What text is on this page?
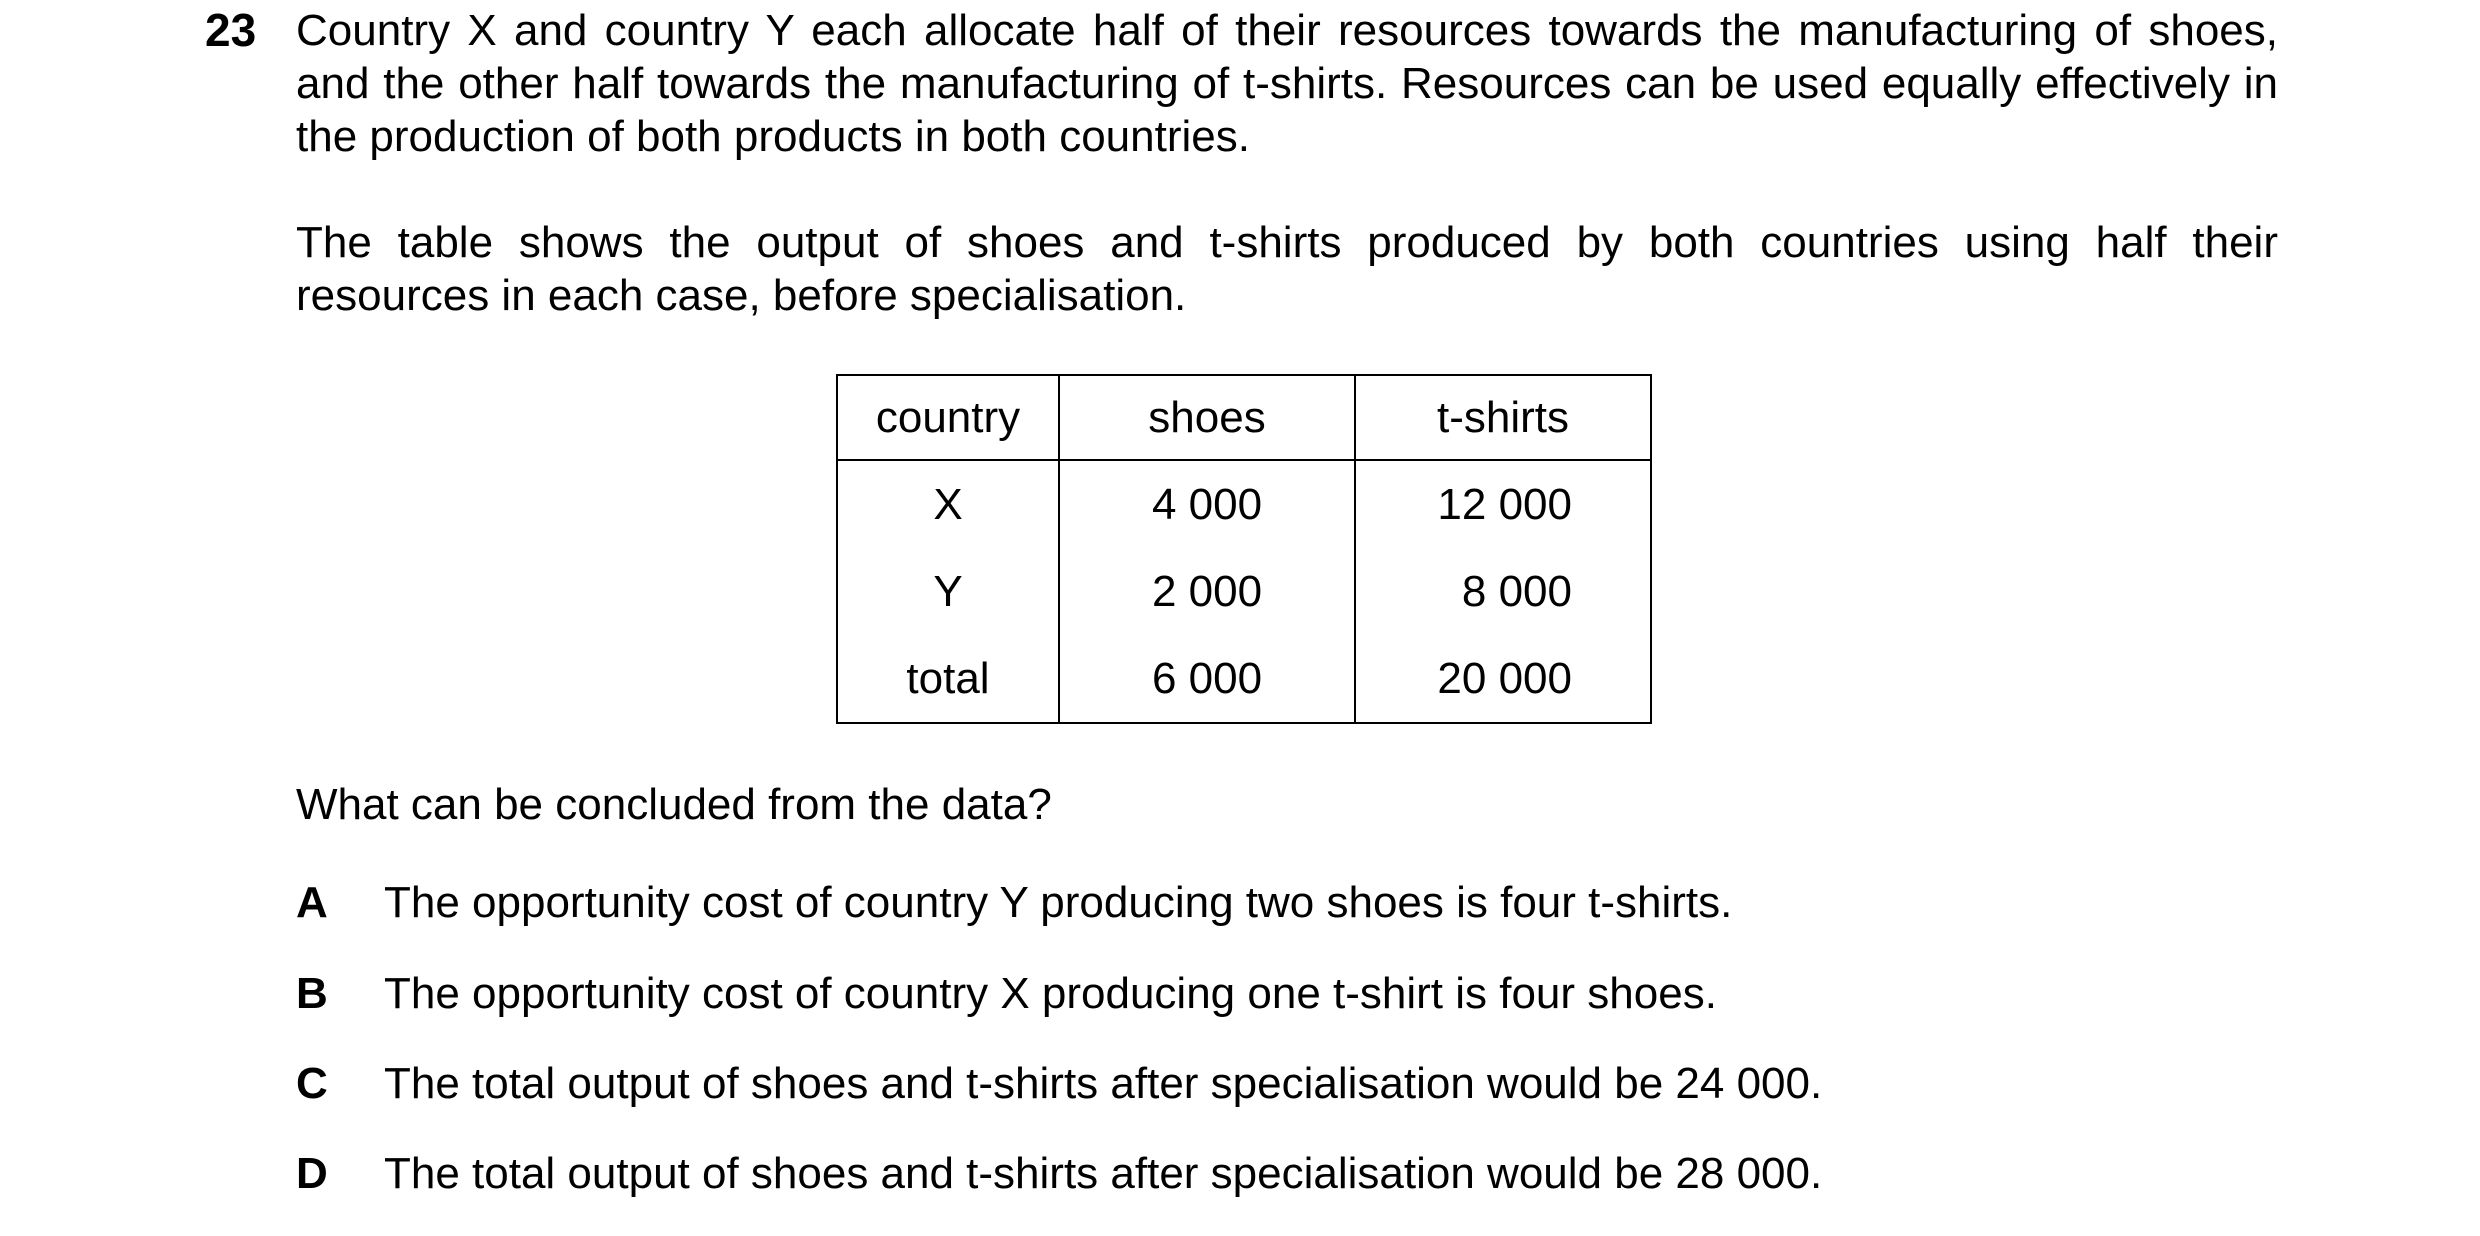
23 Country X and country Y each allocate half of their resources towards the manufacturing of shoes, and the other half towards the manufacturing of t-shirts. Resources can be used equally effectively in the production of both products in both countries.
The table shows the output of shoes and t-shirts produced by both countries using half their resources in each case, before specialisation.
country	shoes	t-shirts
X	4 000	12 000
Y	2 000	8 000
total	6 000	20 000
What can be concluded from the data?
A The opportunity cost of country Y producing two shoes is four t-shirts.
B The opportunity cost of country X producing one t-shirt is four shoes.
C The total output of shoes and t-shirts after specialisation would be 24 000.
D The total output of shoes and t-shirts after specialisation would be 28 000.
